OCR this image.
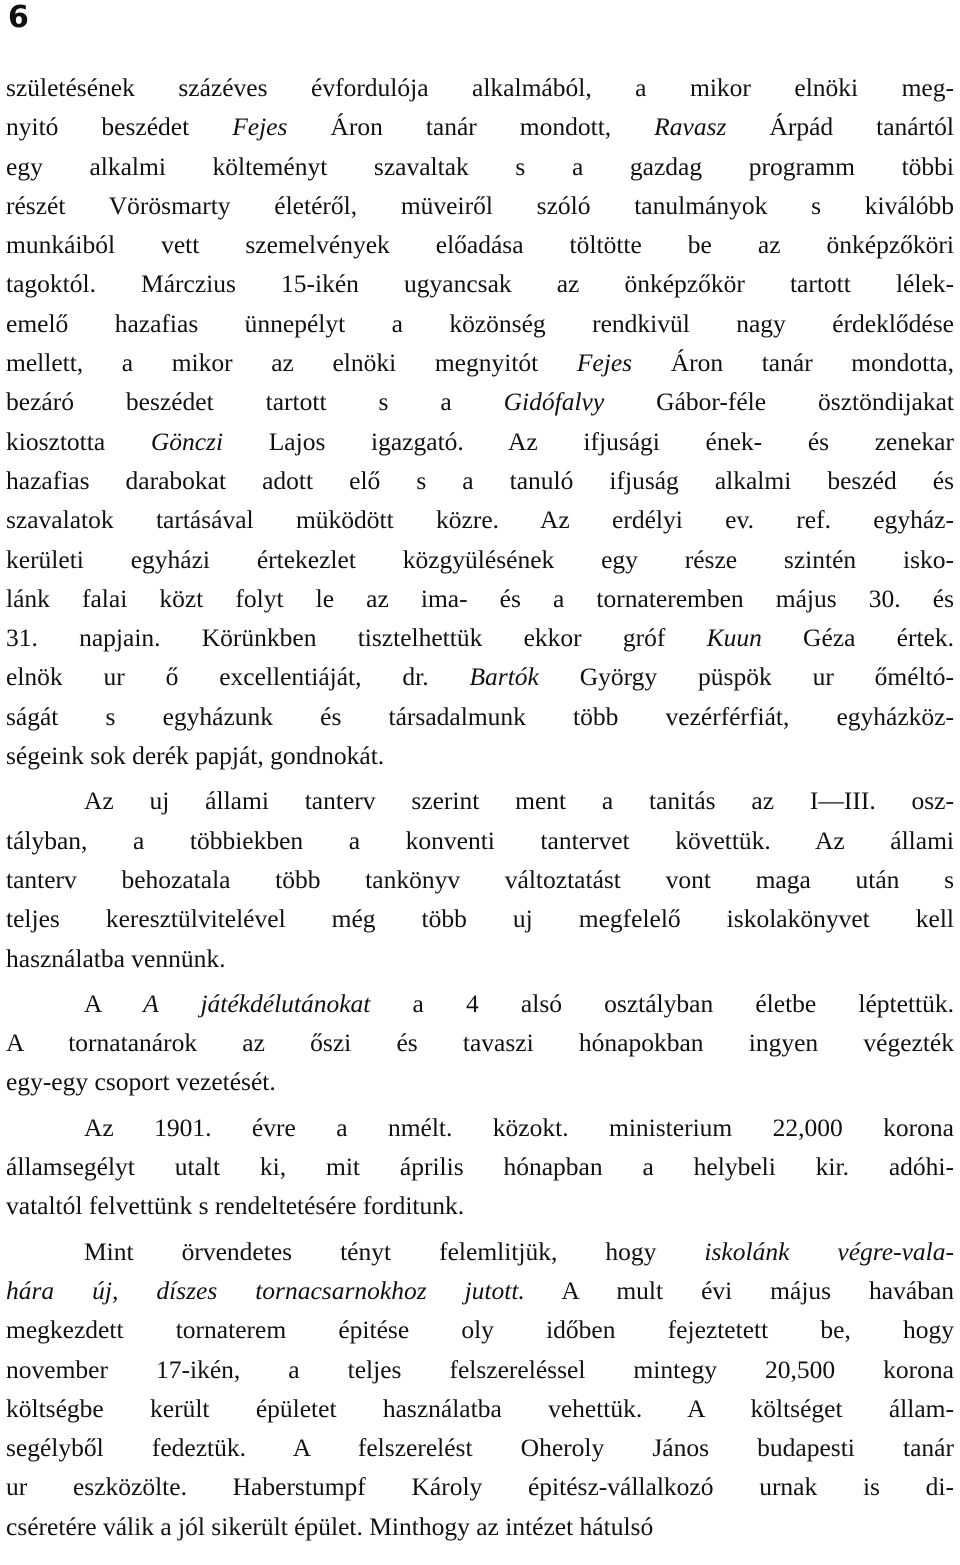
6
születésének százéves évfordulója alkalmából, a mikor elnöki meg-
nyitó beszédet Fejes Áron tanár mondott, Ravasz Árpád tanártól
egy alkalmi költeményt szavaltak s a gazdag programm többi
részét Vörösmarty életéről, müveiről szóló tanulmányok s kiválóbb
munkáiból vett szemelvények előadása töltötte be az önképzőköri
tagoktól. Márczius 15-ikén ugyancsak az önképzőkör tartott lélek-
emelő hazafias ünnepélyt a közönség rendkivül nagy érdeklődése
mellett, a mikor az elnöki megnyitót Fejes Áron tanár mondotta,
bezáró beszédet tartott s a Gidófalvy Gábor-féle ösztöndijakat
kiosztotta Gönczi Lajos igazgató. Az ifjusági ének- és zenekar
hazafias darabokat adott elő s a tanuló ifjuság alkalmi beszéd és
szavalatok tartásával müködött közre. Az erdélyi ev. ref. egyház-
kerületi egyházi értekezlet közgyülésének egy része szintén isko-
lánk falai közt folyt le az ima- és a tornateremben május 30. és
31. napjain. Körünkben tisztelhettük ekkor gróf Kuun Géza értek.
elnök ur ő excellentiáját, dr. Bartók György püspök ur őméltó-
ságát s egyházunk és társadalmunk több vezérférfiát, egyházköz-
ségeink sok derék papját, gondnokát.
Az uj állami tanterv szerint ment a tanitás az I—III. osz-
tályban, a többiekben a konventi tantervet követtük. Az állami
tanterv behozatala több tankönyv változtatást vont maga után s
teljes keresztülvitelével még több uj megfelelő iskolakönyvet kell
használatba vennünk.
A A játékdélutánokat a 4 alsó osztályban életbe léptettük.
A tornatanárok az őszi és tavaszi hónapokban ingyen végezték
egy-egy csoport vezetését.
Az 1901. évre a nmélt. közokt. ministerium 22,000 korona
államsegélyt utalt ki, mit április hónapban a helybeli kir. adóhi-
vataltól felvettünk s rendeltetésére forditunk.
Mint örvendetes tényt felemlitjük, hogy iskolánk végre-vala-
hára új, díszes tornacsarnokhoz jutott. A mult évi május havában
megkezdett tornaterem épitése oly időben fejeztetett be, hogy
november 17-ikén, a teljes felszereléssel mintegy 20,500 korona
költségbe került épületet használatba vehettük. A költséget állam-
segélyből fedeztük. A felszerelést Oheroly János budapesti tanár
ur eszközölte. Haberstumpf Károly épitész-vállalkozó urnak is di-
cséretére válik a jól sikerült épület. Minthogy az intézet hátulsó
